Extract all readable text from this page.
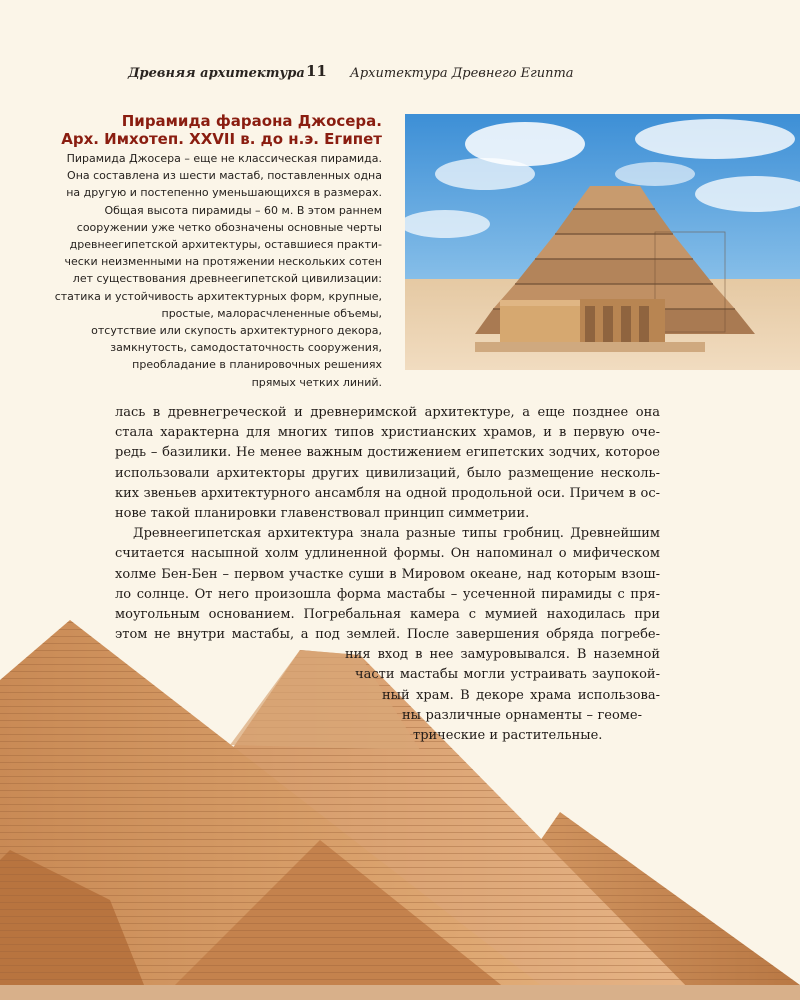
Древняя архитектура 11 Архитектура Древнего Египта
Пирамида фараона Джосера.
Арх. Имхотеп. XXVII в. до н.э. Египет

Пирамида Джосера – еще не классическая пирамида.
Она составлена из шести мастаб, поставленных одна
на другую и постепенно уменьшающихся в размерах.
Общая высота пирамиды – 60 м. В этом раннем
сооружении уже четко обозначены основные черты
древнеегипетской архитектуры, оставшиеся практи-
чески неизменными на протяжении нескольких сотен
лет существования древнеегипетской цивилизации:
статика и устойчивость архитектурных форм, крупные,
простые, малорасчлененные объемы,
отсутствие или скупость архитектурного декора,
замкнутость, самодостаточность сооружения,
преобладание в планировочных решениях
прямых четких линий.

лась в древнегреческой и древнеримской архитектуре, а еще позднее она
стала характерна для многих типов христианских храмов, и в первую оче-
редь – базилики. Не менее важным достижением египетских зодчих, которое
использовали архитекторы других цивилизаций, было размещение несколь-
ких звеньев архитектурного ансамбля на одной продольной оси. Причем в ос-
нове такой планировки главенствовал принцип симметрии.
Древнеегипетская архитектура знала разные типы гробниц. Древнейшим
считается насыпной холм удлиненной формы. Он напоминал о мифическом
холме Бен-Бен – первом участке суши в Мировом океане, над которым взош-
ло солнце. От него произошла форма мастабы – усеченной пирамиды с пря-
моугольным основанием. Погребальная камера с мумией находилась при
этом не внутри мастабы, а под землей. После завершения обряда погребе-
ния вход в нее замуровывался. В наземной
части мастабы могли устраивать заупокой-
ный храм. В декоре храма использова-
ны различные орнаменты – геоме-
трические и растительные.
